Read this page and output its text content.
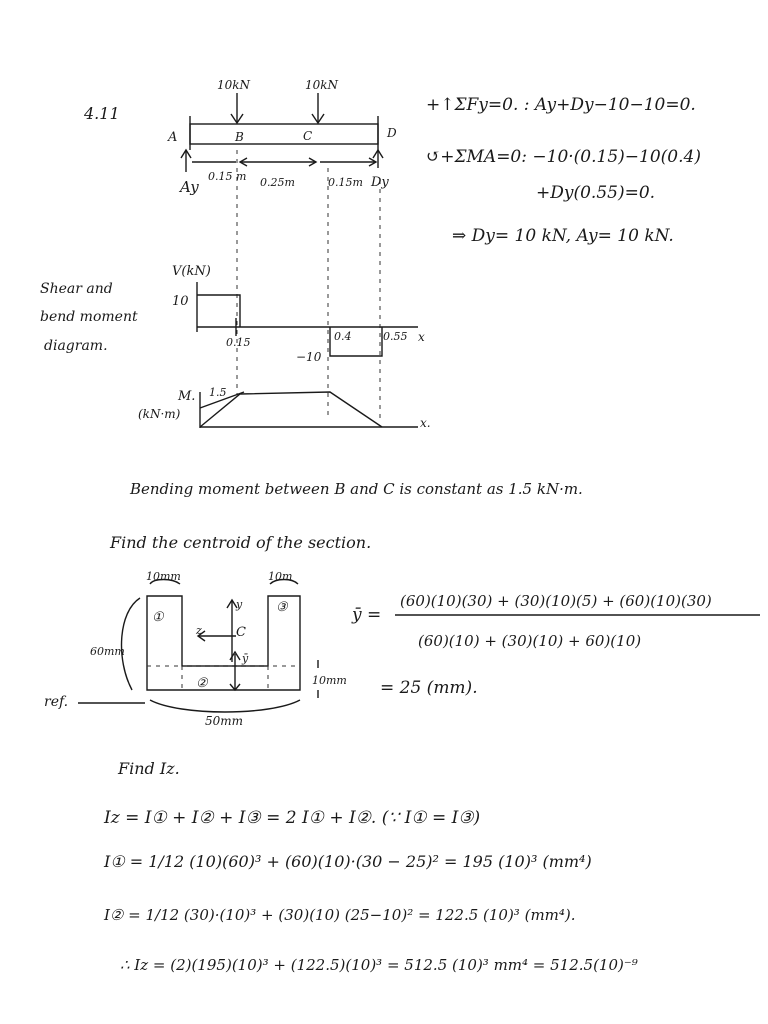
4.11
10kN	10kN
A	B	C	D
Ay	Dy
0.15 m 0.25m	0.15m
+↑ΣFy=0. : Ay+Dy−10−10=0.
↺+ΣMA=0: −10·(0.15)−10(0.4)
+Dy(0.55)=0.
⇒ Dy= 10 kN, Ay= 10 kN.
Shear and
bend moment
diagram.
V(kN)
10
−10
0.15	0.4	0.55 x
M.
(kN·m)
1.5
x.
Bending moment between B and C is constant as 1.5 kN·m.
Find the centroid of the section.
10mm	10m
60mm
10mm
50mm
ref.
①
②
③
y
z	C
ȳ
ȳ =
(60)(10)(30) + (30)(10)(5) + (60)(10)(30)
(60)(10) + (30)(10) + 60)(10)
= 25 (mm).
Find Iz.
Iz = I① + I② + I③ = 2 I① + I②. (∵ I① = I③)
I① = 1/12 (10)(60)³ + (60)(10)·(30 − 25)² = 195 (10)³ (mm⁴)
I② = 1/12 (30)·(10)³ + (30)(10) (25−10)² = 122.5 (10)³ (mm⁴).
∴ Iz = (2)(195)(10)³ + (122.5)(10)³ = 512.5 (10)³ mm⁴ = 512.5(10)⁻⁹
